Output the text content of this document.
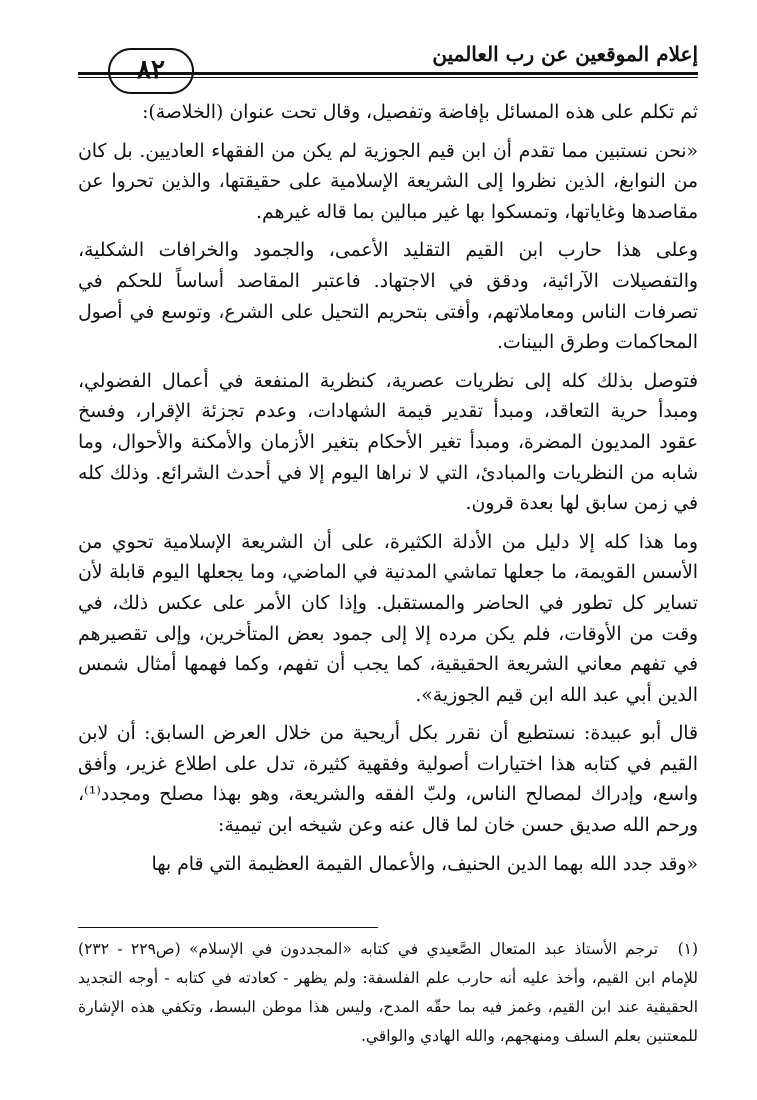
٨٢
إعلام الموقعين عن رب العالمين

ثم تكلم على هذه المسائل بإفاضة وتفصيل، وقال تحت عنوان (الخلاصة):

«نحن نستبين مما تقدم أن ابن قيم الجوزية لم يكن من الفقهاء العاديين. بل كان من النوابغ، الذين نظروا إلى الشريعة الإسلامية على حقيقتها، والذين تحروا عن مقاصدها وغاياتها، وتمسكوا بها غير مبالين بما قاله غيرهم.

وعلى هذا حارب ابن القيم التقليد الأعمى، والجمود والخرافات الشكلية، والتفصيلات الآرائية، ودقق في الاجتهاد. فاعتبر المقاصد أساساً للحكم في تصرفات الناس ومعاملاتهم، وأفتى بتحريم التحيل على الشرع، وتوسع في أصول المحاكمات وطرق البينات.

فتوصل بذلك كله إلى نظريات عصرية، كنظرية المنفعة في أعمال الفضولي، ومبدأ حرية التعاقد، ومبدأ تقدير قيمة الشهادات، وعدم تجزئة الإقرار، وفسخ عقود المديون المضرة، ومبدأ تغير الأحكام بتغير الأزمان والأمكنة والأحوال، وما شابه من النظريات والمبادئ، التي لا نراها اليوم إلا في أحدث الشرائع. وذلك كله في زمن سابق لها بعدة قرون.

وما هذا كله إلا دليل من الأدلة الكثيرة، على أن الشريعة الإسلامية تحوي من الأسس القويمة، ما جعلها تماشي المدنية في الماضي، وما يجعلها اليوم قابلة لأن تساير كل تطور في الحاضر والمستقبل. وإذا كان الأمر على عكس ذلك، في وقت من الأوقات، فلم يكن مرده إلا إلى جمود بعض المتأخرين، وإلى تقصيرهم في تفهم معاني الشريعة الحقيقية، كما يجب أن تفهم، وكما فهمها أمثال شمس الدين أبي عبد الله ابن قيم الجوزية».

قال أبو عبيدة: نستطيع أن نقرر بكل أريحية من خلال العرض السابق: أن لابن القيم في كتابه هذا اختيارات أصولية وفقهية كثيرة، تدل على اطلاع غزير، وأفق واسع، وإدراك لمصالح الناس، ولبّ الفقه والشريعة، وهو بهذا مصلح ومجدد⁽¹⁾، ورحم الله صديق حسن خان لما قال عنه وعن شيخه ابن تيمية:

«وقد جدد الله بهما الدين الحنيف، والأعمال القيمة العظيمة التي قام بها

(١)ترجم الأستاذ عبد المتعال الصَّعيدي في كتابه «المجددون في الإسلام» (ص٢٢٩ - ٢٣٢) للإمام ابن القيم، وأخذ عليه أنه حارب علم الفلسفة: ولم يظهر - كعادته في كتابه - أوجه التجديد الحقيقية عند ابن القيم، وغمز فيه بما حقّه المدح، وليس هذا موطن البسط، وتكفي هذه الإشارة للمعتنين بعلم السلف ومنهجهم، والله الهادي والواقي.
